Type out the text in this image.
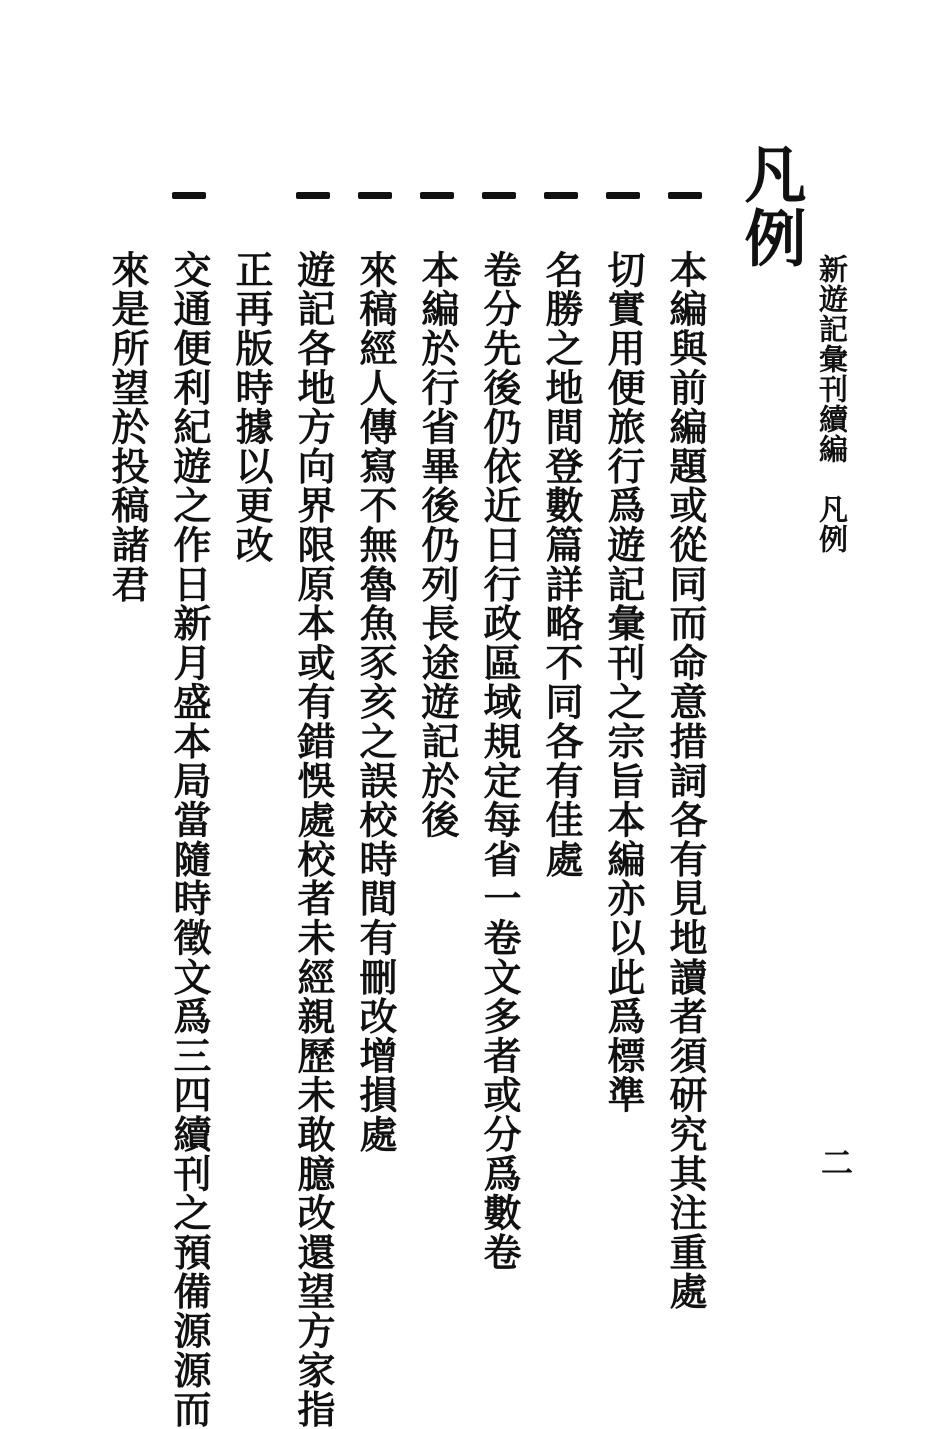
新遊記彙刊續編　凡例
二
凡例
本編與前編題或從同而命意措詞各有見地讀者須研究其注重處
切實用便旅行爲遊記彙刊之宗旨本編亦以此爲標準
名勝之地間登數篇詳略不同各有佳處
卷分先後仍依近日行政區域規定每省一卷文多者或分爲數卷
本編於行省畢後仍列長途遊記於後
來稿經人傳寫不無魯魚豕亥之誤校時間有刪改增損處
遊記各地方向界限原本或有錯悞處校者未經親歷未敢臆改還望方家指
正再版時據以更改
交通便利紀遊之作日新月盛本局當隨時徵文爲三四續刊之預備源源而
來是所望於投稿諸君
